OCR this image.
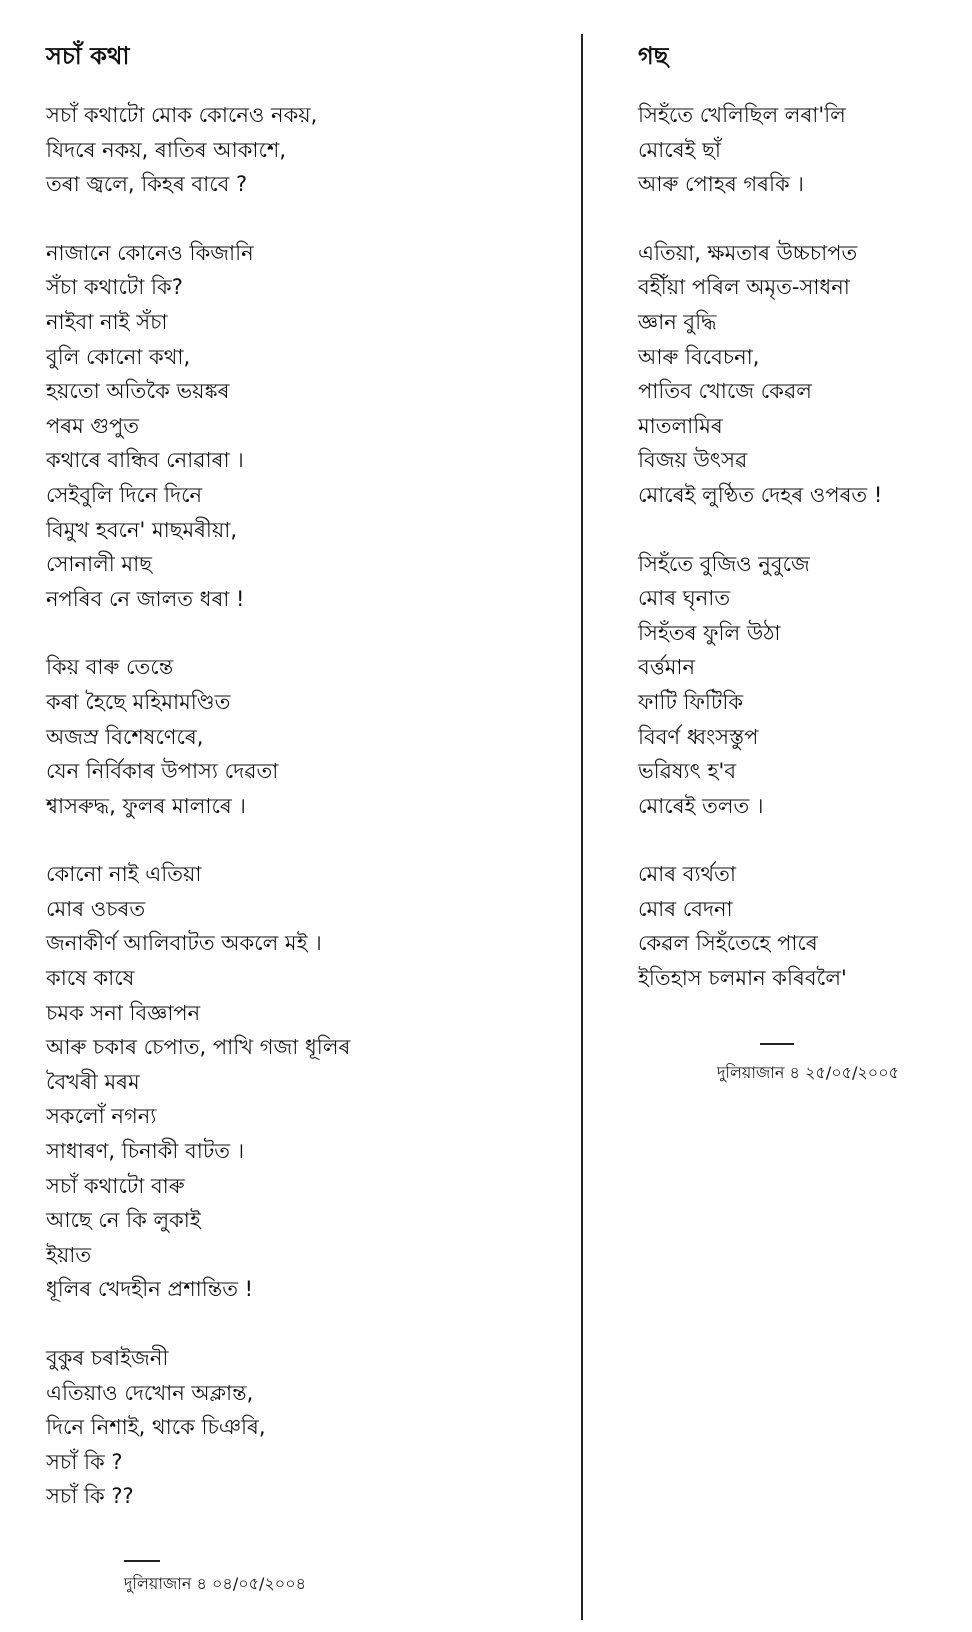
সচাঁ কথা
সচাঁ কথাটো মোক কোনেও নকয়,
যিদৰে নকয়, ৰাতিৰ আকাশে,
তৰা জ্বলে, কিহৰ বাবে ?
নাজানে কোনেও কিজানি
সঁচা কথাটো কি?
নাইবা নাই সঁচা
বুলি কোনো কথা,
হয়তো অতিকৈ ভয়ঙ্কৰ
পৰম গুপুত
কথাৰে বান্ধিব নোৱাৰা ।
সেইবুলি দিনে দিনে
বিমুখ হবনে' মাছমৰীয়া,
সোনালী মাছ
নপৰিব নে জালত ধৰা !
কিয় বাৰু তেন্তে
কৰা হৈছে মহিমামণ্ডিত
অজস্র বিশেষণেৰে,
যেন নির্বিকাৰ উপাস্য দেৱতা
শ্বাসৰুদ্ধ, ফুলৰ মালাৰে ।
কোনো নাই এতিয়া
মোৰ ওচৰত
জনাকীর্ণ আলিবাটত অকলে মই ।
কাষে কাষে
চমক সনা বিজ্ঞাপন
আৰু চকাৰ চেপাত, পাখি গজা ধূলিৰ
বৈখৰী মৰম
সকলোঁ নগন্য
সাধাৰণ, চিনাকী বাটত ।
সচাঁ কথাটো বাৰু
আছে নে কি লুকাই
ইয়াত
ধূলিৰ খেদহীন প্রশান্তিত !
বুকুৰ চৰাইজনী
এতিয়াও দেখোন অক্লান্ত,
দিনে নিশাই, থাকে চিঞৰি,
সচাঁ কি ?
সচাঁ কি ??
গছ
সিহঁতে খেলিছিল লৰা'লি
মোৰেই ছাঁ
আৰু পোহৰ গৰকি ।
এতিয়া, ক্ষমতাৰ উচ্চচাপত
বহীঁয়া পৰিল অমৃত-সাধনা
জ্ঞান বুদ্ধি
আৰু বিবেচনা,
পাতিব খোজে কেৱল
মাতলামিৰ
বিজয় উৎসৱ
মোৰেই লুণ্ঠিত দেহৰ ওপৰত !
সিহঁতে বুজিও নুবুজে
মোৰ ঘৃনাত
সিহঁতৰ ফুলি উঠা
বর্ত্তমান
ফাটি ফিটিকি
বিবর্ণ ধ্বংসস্তুপ
ভৱিষ্যৎ হ'ব
মোৰেই তলত ।
মোৰ ব্যর্থতা
মোৰ বেদনা
কেৱল সিহঁতেহে পাৰে
ইতিহাস চলমান কৰিবলৈ'
দুলিয়াজান ৪ ০৪/০৫/২০০৪
দুলিয়াজান ৪ ২৫/০৫/২০০৫
